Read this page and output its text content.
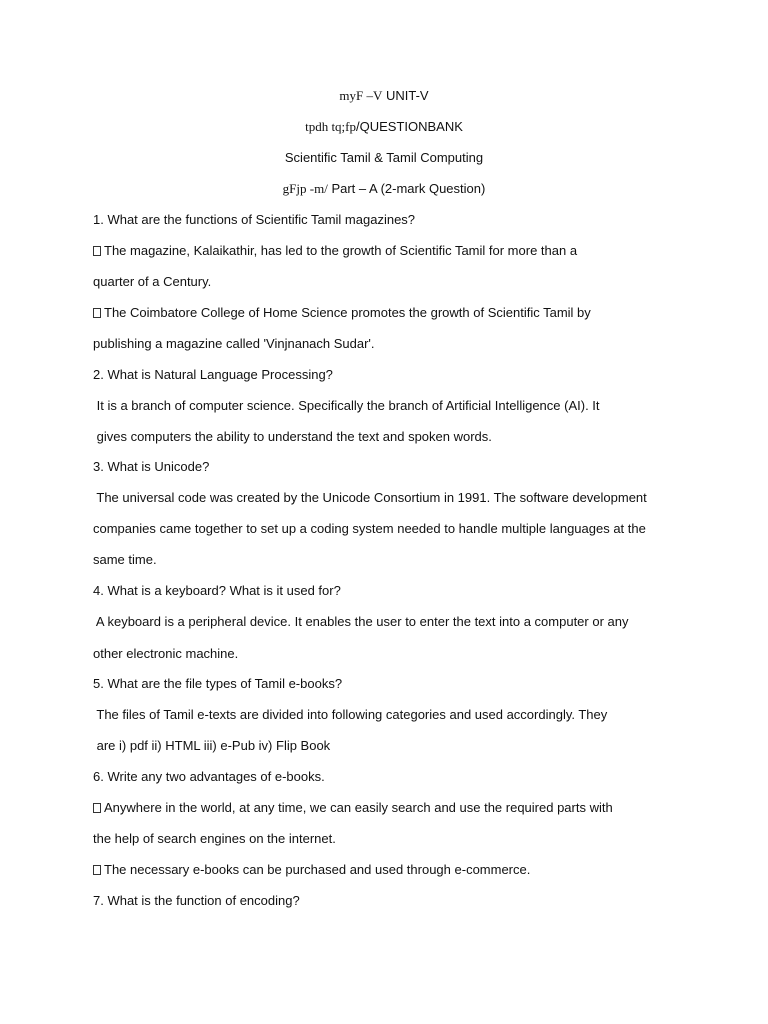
myF –V UNIT-V
tpdh tq;fp/QUESTIONBANK
Scientific Tamil & Tamil Computing
gFjp -m/ Part – A (2-mark Question)
1. What are the functions of Scientific Tamil magazines?
The magazine, Kalaikathir, has led to the growth of Scientific Tamil for more than a
quarter of a Century.
The Coimbatore College of Home Science promotes the growth of Scientific Tamil by
publishing a magazine called 'Vinjnanach Sudar'.
2. What is Natural Language Processing?
It is a branch of computer science. Specifically the branch of Artificial Intelligence (AI). It
gives computers the ability to understand the text and spoken words.
3. What is Unicode?
The universal code was created by the Unicode Consortium in 1991. The software development
companies came together to set up a coding system needed to handle multiple languages at the
same time.
4. What is a keyboard? What is it used for?
A keyboard is a peripheral device. It enables the user to enter the text into a computer or any
other electronic machine.
5. What are the file types of Tamil e-books?
The files of Tamil e-texts are divided into following categories and used accordingly. They
are i) pdf ii) HTML iii) e-Pub iv) Flip Book
6. Write any two advantages of e-books.
Anywhere in the world, at any time, we can easily search and use the required parts with
the help of search engines on the internet.
The necessary e-books can be purchased and used through e-commerce.
7. What is the function of encoding?
